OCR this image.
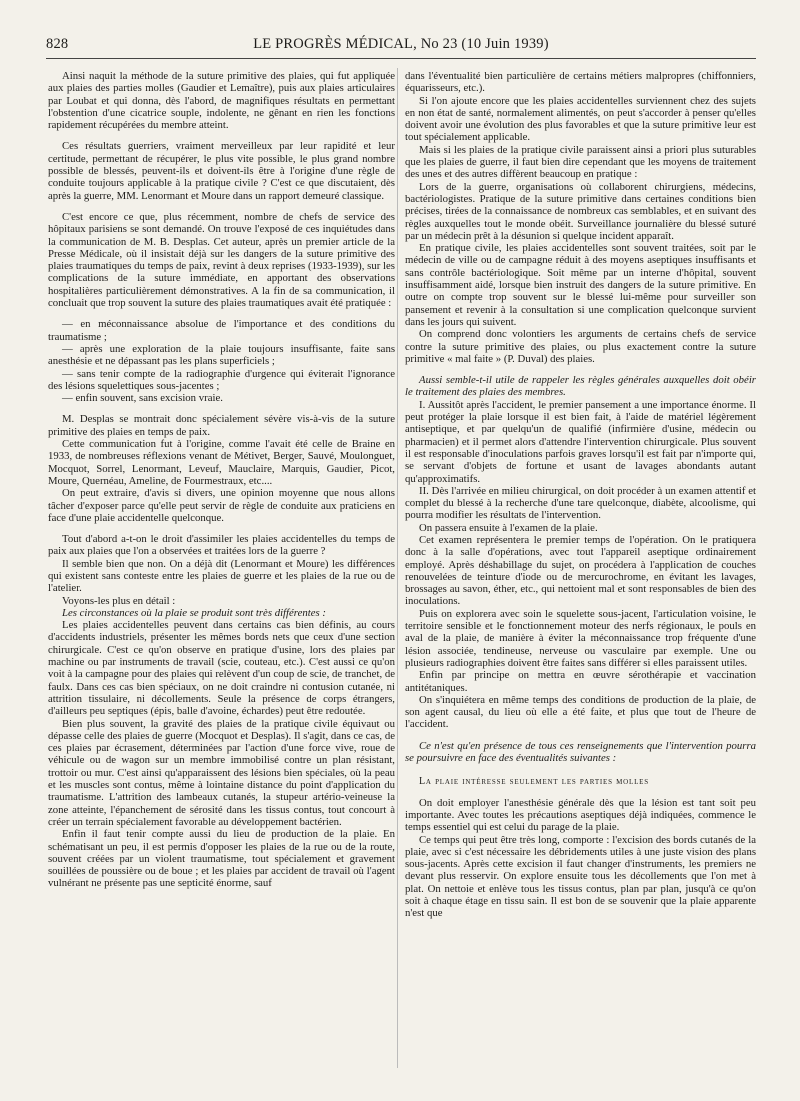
828	LE PROGRÈS MÉDICAL, No 23 (10 Juin 1939)

Ainsi naquit la méthode de la suture primitive des plaies, qui fut appliquée aux plaies des parties molles (Gaudier et Lemaître), puis aux plaies articulaires par Loubat et qui donna, dès l'abord, de magnifiques résultats en permettant l'obstention d'une cicatrice souple, indolente, ne gênant en rien les fonctions rapidement récupérées du membre atteint.

Ces résultats guerriers, vraiment merveilleux par leur rapidité et leur certitude, permettant de récupérer, le plus vite possible, le plus grand nombre possible de blessés, peuvent-ils et doivent-ils être à l'origine d'une règle de conduite toujours applicable à la pratique civile ? C'est ce que discutaient, dès après la guerre, MM. Lenormant et Moure dans un rapport demeuré classique.

C'est encore ce que, plus récemment, nombre de chefs de service des hôpitaux parisiens se sont demandé. On trouve l'exposé de ces inquiétudes dans la communication de M. B. Desplas. Cet auteur, après un premier article de la Presse Médicale, où il insistait déjà sur les dangers de la suture primitive des plaies traumatiques du temps de paix, revint à deux reprises (1933-1939), sur les complications de la suture immédiate, en apportant des observations hospitalières particulièrement démonstratives. A la fin de sa communication, il concluait que trop souvent la suture des plaies traumatiques avait été pratiquée :

— en méconnaissance absolue de l'importance et des conditions du traumatisme ;

— après une exploration de la plaie toujours insuffisante, faite sans anesthésie et ne dépassant pas les plans superficiels ;

— sans tenir compte de la radiographie d'urgence qui éviterait l'ignorance des lésions squelettiques sous-jacentes ;

— enfin souvent, sans excision vraie.

M. Desplas se montrait donc spécialement sévère vis-à-vis de la suture primitive des plaies en temps de paix.

Cette communication fut à l'origine, comme l'avait été celle de Braine en 1933, de nombreuses réflexions venant de Métivet, Berger, Sauvé, Moulonguet, Mocquot, Sorrel, Lenormant, Leveuf, Mauclaire, Marquis, Gaudier, Picot, Moure, Quernéau, Ameline, de Fourmestraux, etc....

On peut extraire, d'avis si divers, une opinion moyenne que nous allons tâcher d'exposer parce qu'elle peut servir de règle de conduite aux praticiens en face d'une plaie accidentelle quelconque.

Tout d'abord a-t-on le droit d'assimiler les plaies accidentelles du temps de paix aux plaies que l'on a observées et traitées lors de la guerre ?

Il semble bien que non. On a déjà dit (Lenormant et Moure) les différences qui existent sans conteste entre les plaies de guerre et les plaies de la rue ou de l'atelier.

Voyons-les plus en détail :

Les circonstances où la plaie se produit sont très différentes :

Les plaies accidentelles peuvent dans certains cas bien définis, au cours d'accidents industriels, présenter les mêmes bords nets que ceux d'une section chirurgicale. C'est ce qu'on observe en pratique d'usine, lors des plaies par machine ou par instruments de travail (scie, couteau, etc.). C'est aussi ce qu'on voit à la campagne pour des plaies qui relèvent d'un coup de scie, de tranchet, de faulx. Dans ces cas bien spéciaux, on ne doit craindre ni contusion cutanée, ni attrition tissulaire, ni décollements. Seule la présence de corps étrangers, d'ailleurs peu septiques (épis, balle d'avoine, échardes) peut être redoutée.

Bien plus souvent, la gravité des plaies de la pratique civile équivaut ou dépasse celle des plaies de guerre (Mocquot et Desplas). Il s'agit, dans ce cas, de ces plaies par écrasement, déterminées par l'action d'une force vive, roue de véhicule ou de wagon sur un membre immobilisé contre un plan résistant, trottoir ou mur. C'est ainsi qu'apparaissent des lésions bien spéciales, où la peau et les muscles sont contus, même à lointaine distance du point d'application du traumatisme. L'attrition des lambeaux cutanés, la stupeur artério-veineuse la zone atteinte, l'épanchement de sérosité dans les tissus contus, tout concourt à créer un terrain spécialement favorable au développement bactérien.

Enfin il faut tenir compte aussi du lieu de production de la plaie. En schématisant un peu, il est permis d'opposer les plaies de la rue ou de la route, souvent créées par un violent traumatisme, tout spécialement et gravement souillées de poussière ou de boue ; et les plaies par accident de travail où l'agent vulnérant ne présente pas une septicité énorme, sauf

dans l'éventualité bien particulière de certains métiers malpropres (chiffonniers, équarisseurs, etc.).

Si l'on ajoute encore que les plaies accidentelles surviennent chez des sujets en non état de santé, normalement alimentés, on peut s'accorder à penser qu'elles doivent avoir une évolution des plus favorables et que la suture primitive leur est tout spécialement applicable.

Mais si les plaies de la pratique civile paraissent ainsi a priori plus suturables que les plaies de guerre, il faut bien dire cependant que les moyens de traitement des unes et des autres diffèrent beaucoup en pratique :

Lors de la guerre, organisations où collaborent chirurgiens, médecins, bactériologistes. Pratique de la suture primitive dans certaines conditions bien précises, tirées de la connaissance de nombreux cas semblables, et en suivant des règles auxquelles tout le monde obéit. Surveillance journalière du blessé suturé par un médecin prêt à la désunion si quelque incident apparaît.

En pratique civile, les plaies accidentelles sont souvent traitées, soit par le médecin de ville ou de campagne réduit à des moyens aseptiques insuffisants et sans contrôle bactériologique. Soit même par un interne d'hôpital, souvent insuffisamment aidé, lorsque bien instruit des dangers de la suture primitive. En outre on compte trop souvent sur le blessé lui-même pour surveiller son pansement et revenir à la consultation si une complication quelconque survient dans les jours qui suivent.

On comprend donc volontiers les arguments de certains chefs de service contre la suture primitive des plaies, ou plus exactement contre la suture primitive « mal faite » (P. Duval) des plaies.

Aussi semble-t-il utile de rappeler les règles générales auxquelles doit obéir le traitement des plaies des membres.

I. Aussitôt après l'accident, le premier pansement a une importance énorme. Il peut protéger la plaie lorsque il est bien fait, à l'aide de matériel légèrement antiseptique, et par quelqu'un de qualifié (infirmière d'usine, médecin ou pharmacien) et il permet alors d'attendre l'intervention chirurgicale. Plus souvent il est responsable d'inoculations parfois graves lorsqu'il est fait par n'importe qui, se servant d'objets de fortune et usant de lavages abondants autant qu'approximatifs.

II. Dès l'arrivée en milieu chirurgical, on doit procéder à un examen attentif et complet du blessé à la recherche d'une tare quelconque, diabète, alcoolisme, qui pourra modifier les résultats de l'intervention.

On passera ensuite à l'examen de la plaie.

Cet examen représentera le premier temps de l'opération. On le pratiquera donc à la salle d'opérations, avec tout l'appareil aseptique ordinairement employé. Après déshabillage du sujet, on procédera à l'application de couches renouvelées de teinture d'iode ou de mercurochrome, en évitant les lavages, brossages au savon, éther, etc., qui nettoient mal et sont responsables de bien des inoculations.

Puis on explorera avec soin le squelette sous-jacent, l'articulation voisine, le territoire sensible et le fonctionnement moteur des nerfs régionaux, le pouls en aval de la plaie, de manière à éviter la méconnaissance trop fréquente d'une lésion associée, tendineuse, nerveuse ou vasculaire par exemple. Une ou plusieurs radiographies doivent être faites sans différer si elles paraissent utiles.

Enfin par principe on mettra en œuvre sérothérapie et vaccination antitétaniques.

On s'inquiétera en même temps des conditions de production de la plaie, de son agent causal, du lieu où elle a été faite, et plus que tout de l'heure de l'accident.

Ce n'est qu'en présence de tous ces renseignements que l'intervention pourra se poursuivre en face des éventualités suivantes :

La plaie intéresse seulement les parties molles

On doit employer l'anesthésie générale dès que la lésion est tant soit peu importante. Avec toutes les précautions aseptiques déjà indiquées, commence le temps essentiel qui est celui du parage de la plaie.

Ce temps qui peut être très long, comporte : l'excision des bords cutanés de la plaie, avec si c'est nécessaire les débridements utiles à une juste vision des plans sous-jacents. Après cette excision il faut changer d'instruments, les premiers ne devant plus resservir. On explore ensuite tous les décollements que l'on met à plat. On nettoie et enlève tous les tissus contus, plan par plan, jusqu'à ce qu'on soit à chaque étage en tissu sain. Il est bon de se souvenir que la plaie apparente n'est que
